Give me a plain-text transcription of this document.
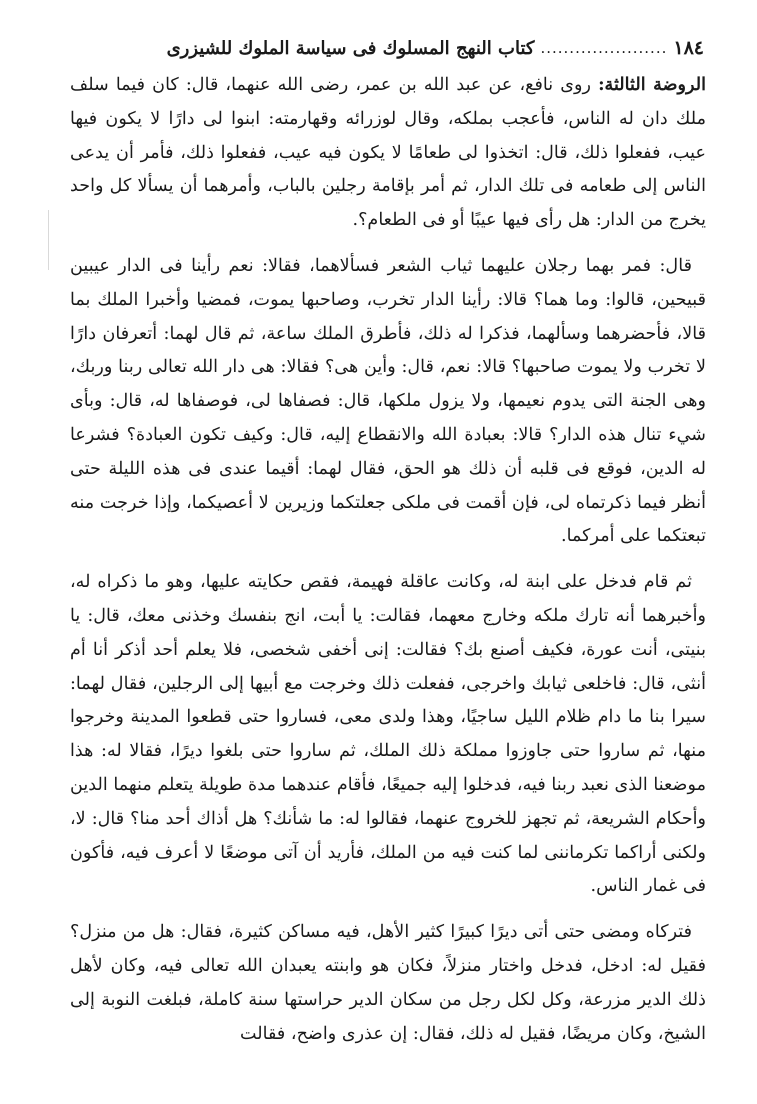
١٨٤
......................
كتاب النهج المسلوك فى سياسة الملوك للشيزرى

الروضة الثالثة: روى نافع، عن عبد الله بن عمر، رضى الله عنهما، قال: كان فيما سلف ملك دان له الناس، فأعجب بملكه، وقال لوزرائه وقهارمته: ابنوا لى دارًا لا يكون فيها عيب، ففعلوا ذلك، قال: اتخذوا لى طعامًا لا يكون فيه عيب، ففعلوا ذلك، فأمر أن يدعى الناس إلى طعامه فى تلك الدار، ثم أمر بإقامة رجلين بالباب، وأمرهما أن يسألا كل واحد يخرج من الدار: هل رأى فيها عيبًا أو فى الطعام؟.

قال: فمر بهما رجلان عليهما ثياب الشعر فسألاهما، فقالا: نعم رأينا فى الدار عيبين قبيحين، قالوا: وما هما؟ قالا: رأينا الدار تخرب، وصاحبها يموت، فمضيا وأخبرا الملك بما قالا، فأحضرهما وسألهما، فذكرا له ذلك، فأطرق الملك ساعة، ثم قال لهما: أتعرفان دارًا لا تخرب ولا يموت صاحبها؟ قالا: نعم، قال: وأين هى؟ فقالا: هى دار الله تعالى ربنا وربك، وهى الجنة التى يدوم نعيمها، ولا يزول ملكها، قال: فصفاها لى، فوصفاها له، قال: وبأى شيء تنال هذه الدار؟ قالا: بعبادة الله والانقطاع إليه، قال: وكيف تكون العبادة؟ فشرعا له الدين، فوقع فى قلبه أن ذلك هو الحق، فقال لهما: أقيما عندى فى هذه الليلة حتى أنظر فيما ذكرتماه لى، فإن أقمت فى ملكى جعلتكما وزيرين لا أعصيكما، وإذا خرجت منه تبعتكما على أمركما.

ثم قام فدخل على ابنة له، وكانت عاقلة فهيمة، فقص حكايته عليها، وهو ما ذكراه له، وأخبرهما أنه تارك ملكه وخارج معهما، فقالت: يا أبت، انج بنفسك وخذنى معك، قال: يا بنيتى، أنت عورة، فكيف أصنع بك؟ فقالت: إنى أخفى شخصى، فلا يعلم أحد أذكر أنا أم أنثى، قال: فاخلعى ثيابك واخرجى، ففعلت ذلك وخرجت مع أبيها إلى الرجلين، فقال لهما: سيرا بنا ما دام ظلام الليل ساجيًا، وهذا ولدى معى، فساروا حتى قطعوا المدينة وخرجوا منها، ثم ساروا حتى جاوزوا مملكة ذلك الملك، ثم ساروا حتى بلغوا ديرًا، فقالا له: هذا موضعنا الذى نعبد ربنا فيه، فدخلوا إليه جميعًا، فأقام عندهما مدة طويلة يتعلم منهما الدين وأحكام الشريعة، ثم تجهز للخروج عنهما، فقالوا له: ما شأنك؟ هل أذاك أحد منا؟ قال: لا، ولكنى أراكما تكرماننى لما كنت فيه من الملك، فأريد أن آتى موضعًا لا أعرف فيه، فأكون فى غمار الناس.

فتركاه ومضى حتى أتى ديرًا كبيرًا كثير الأهل، فيه مساكن كثيرة، فقال: هل من منزل؟ فقيل له: ادخل، فدخل واختار منزلاً، فكان هو وابنته يعبدان الله تعالى فيه، وكان لأهل ذلك الدير مزرعة، وكل لكل رجل من سكان الدير حراستها سنة كاملة، فبلغت النوبة إلى الشيخ، وكان مريضًا، فقيل له ذلك، فقال: إن عذرى واضح، فقالت
